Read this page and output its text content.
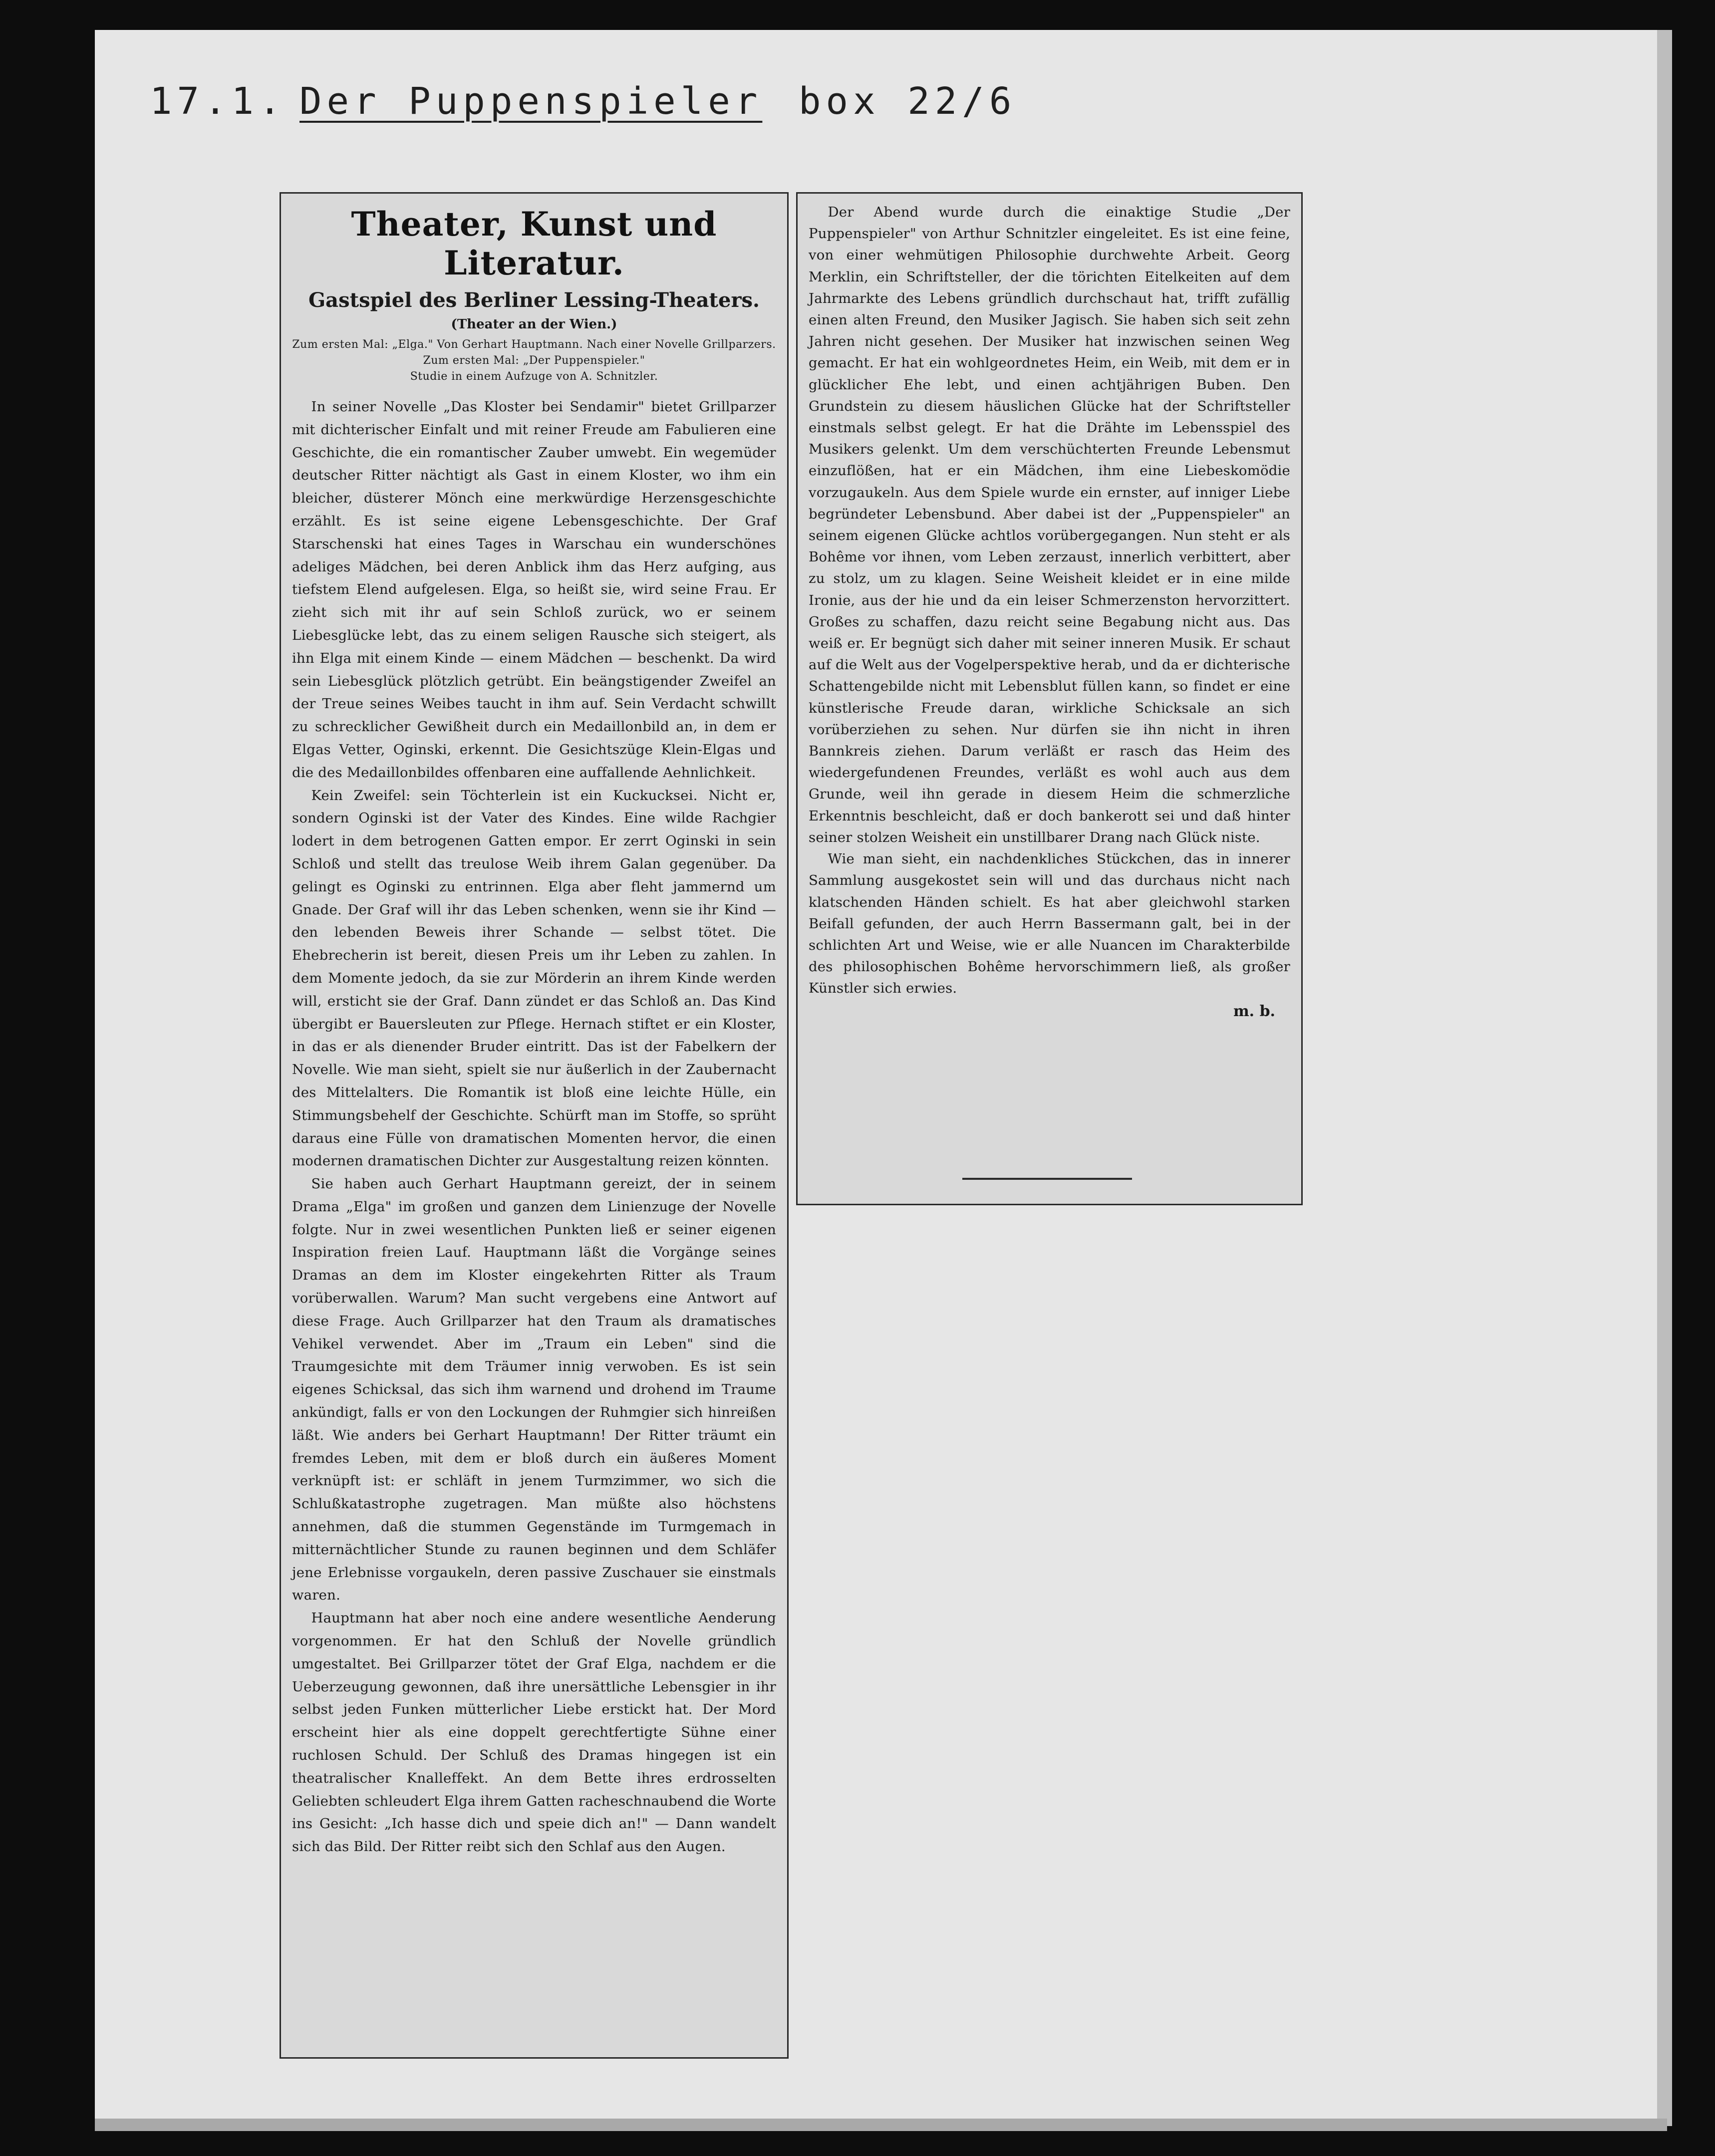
17.1. Der Puppenspieler box 22/6
Theater, Kunst und Literatur.
Gastspiel des Berliner Lessing-Theaters.
(Theater an der Wien.)
Zum ersten Mal: „Elga." Von Gerhart Hauptmann. Nach einer Novelle Grillparzers. Zum ersten Mal: „Der Puppenspieler."
Studie in einem Aufzuge von A. Schnitzler.

In seiner Novelle „Das Kloster bei Sendamir" bietet Grillparzer mit dichterischer Einfalt und mit reiner Freude am Fabulieren eine Geschichte, die ein romantischer Zauber umwebt. Ein wegemüder deutscher Ritter nächtigt als Gast in einem Kloster, wo ihm ein bleicher, düsterer Mönch eine merkwürdige Herzensgeschichte erzählt. Es ist seine eigene Lebensgeschichte. Der Graf Starschenski hat eines Tages in Warschau ein wunderschönes adeliges Mädchen, bei deren Anblick ihm das Herz aufging, aus tiefstem Elend aufgelesen. Elga, so heißt sie, wird seine Frau. Er zieht sich mit ihr auf sein Schloß zurück, wo er seinem Liebesglücke lebt, das zu einem seligen Rausche sich steigert, als ihn Elga mit einem Kinde — einem Mädchen — beschenkt. Da wird sein Liebesglück plötzlich getrübt. Ein beängstigender Zweifel an der Treue seines Weibes taucht in ihm auf. Sein Verdacht schwillt zu schrecklicher Gewißheit durch ein Medaillonbild an, in dem er Elgas Vetter, Oginski, erkennt. Die Gesichtszüge Klein-Elgas und die des Medaillonbildes offenbaren eine auffallende Aehnlichkeit.

Kein Zweifel: sein Töchterlein ist ein Kuckucksei. Nicht er, sondern Oginski ist der Vater des Kindes. Eine wilde Rachgier lodert in dem betrogenen Gatten empor. Er zerrt Oginski in sein Schloß und stellt das treulose Weib ihrem Galan gegenüber. Da gelingt es Oginski zu entrinnen. Elga aber fleht jammernd um Gnade. Der Graf will ihr das Leben schenken, wenn sie ihr Kind — den lebenden Beweis ihrer Schande — selbst tötet. Die Ehebrecherin ist bereit, diesen Preis um ihr Leben zu zahlen. In dem Momente jedoch, da sie zur Mörderin an ihrem Kinde werden will, ersticht sie der Graf. Dann zündet er das Schloß an. Das Kind übergibt er Bauersleuten zur Pflege. Hernach stiftet er ein Kloster, in das er als dienender Bruder eintritt. Das ist der Fabelkern der Novelle. Wie man sieht, spielt sie nur äußerlich in der Zaubernacht des Mittelalters. Die Romantik ist bloß eine leichte Hülle, ein Stimmungsbehelf der Geschichte. Schürft man im Stoffe, so sprüht daraus eine Fülle von dramatischen Momenten hervor, die einen modernen dramatischen Dichter zur Ausgestaltung reizen könnten.

Sie haben auch Gerhart Hauptmann gereizt, der in seinem Drama „Elga" im großen und ganzen dem Linienzuge der Novelle folgte. Nur in zwei wesentlichen Punkten ließ er seiner eigenen Inspiration freien Lauf. Hauptmann läßt die Vorgänge seines Dramas an dem im Kloster eingekehrten Ritter als Traum vorüberwallen. Warum? Man sucht vergebens eine Antwort auf diese Frage. Auch Grillparzer hat den Traum als dramatisches Vehikel verwendet. Aber im „Traum ein Leben" sind die Traumgesichte mit dem Träumer innig verwoben. Es ist sein eigenes Schicksal, das sich ihm warnend und drohend im Traume ankündigt, falls er von den Lockungen der Ruhmgier sich hinreißen läßt. Wie anders bei Gerhart Hauptmann! Der Ritter träumt ein fremdes Leben, mit dem er bloß durch ein äußeres Moment verknüpft ist: er schläft in jenem Turmzimmer, wo sich die Schlußkatastrophe zugetragen. Man müßte also höchstens annehmen, daß die stummen Gegenstände im Turmgemach in mitternächtlicher Stunde zu raunen beginnen und dem Schläfer jene Erlebnisse vorgaukeln, deren passive Zuschauer sie einstmals waren.

Hauptmann hat aber noch eine andere wesentliche Aenderung vorgenommen. Er hat den Schluß der Novelle gründlich umgestaltet. Bei Grillparzer tötet der Graf Elga, nachdem er die Ueberzeugung gewonnen, daß ihre unersättliche Lebensgier in ihr selbst jeden Funken mütterlicher Liebe erstickt hat. Der Mord erscheint hier als eine doppelt gerechtfertigte Sühne einer ruchlosen Schuld. Der Schluß des Dramas hingegen ist ein theatralischer Knalleffekt. An dem Bette ihres erdrosselten Geliebten schleudert Elga ihrem Gatten racheschnaubend die Worte ins Gesicht: „Ich hasse dich und speie dich an!" — Dann wandelt sich das Bild. Der Ritter reibt sich den Schlaf aus den Augen.

Der Abend wurde durch die einaktige Studie „Der Puppenspieler" von Arthur Schnitzler eingeleitet. Es ist eine feine, von einer wehmütigen Philosophie durchwehte Arbeit. Georg Merklin, ein Schriftsteller, der die törichten Eitelkeiten auf dem Jahrmarkte des Lebens gründlich durchschaut hat, trifft zufällig einen alten Freund, den Musiker Jagisch. Sie haben sich seit zehn Jahren nicht gesehen. Der Musiker hat inzwischen seinen Weg gemacht. Er hat ein wohlgeordnetes Heim, ein Weib, mit dem er in glücklicher Ehe lebt, und einen achtjährigen Buben. Den Grundstein zu diesem häuslichen Glücke hat der Schriftsteller einstmals selbst gelegt. Er hat die Drähte im Lebensspiel des Musikers gelenkt. Um dem verschüchterten Freunde Lebensmut einzuflößen, hat er ein Mädchen, ihm eine Liebeskomödie vorzugaukeln. Aus dem Spiele wurde ein ernster, auf inniger Liebe begründeter Lebensbund. Aber dabei ist der „Puppenspieler" an seinem eigenen Glücke achtlos vorübergegangen. Nun steht er als Bohême vor ihnen, vom Leben zerzaust, innerlich verbittert, aber zu stolz, um zu klagen. Seine Weisheit kleidet er in eine milde Ironie, aus der hie und da ein leiser Schmerzenston hervorzittert. Großes zu schaffen, dazu reicht seine Begabung nicht aus. Das weiß er. Er begnügt sich daher mit seiner inneren Musik. Er schaut auf die Welt aus der Vogelperspektive herab, und da er dichterische Schattengebilde nicht mit Lebensblut füllen kann, so findet er eine künstlerische Freude daran, wirkliche Schicksale an sich vorüberziehen zu sehen. Nur dürfen sie ihn nicht in ihren Bannkreis ziehen. Darum verläßt er rasch das Heim des wiedergefundenen Freundes, verläßt es wohl auch aus dem Grunde, weil ihn gerade in diesem Heim die schmerzliche Erkenntnis beschleicht, daß er doch bankerott sei und daß hinter seiner stolzen Weisheit ein unstillbarer Drang nach Glück niste.

Wie man sieht, ein nachdenkliches Stückchen, das in innerer Sammlung ausgekostet sein will und das durchaus nicht nach klatschenden Händen schielt. Es hat aber gleichwohl starken Beifall gefunden, der auch Herrn Bassermann galt, bei in der schlichten Art und Weise, wie er alle Nuancen im Charakterbilde des philosophischen Bohême hervorschimmern ließ, als großer Künstler sich erwies.

m. b.
